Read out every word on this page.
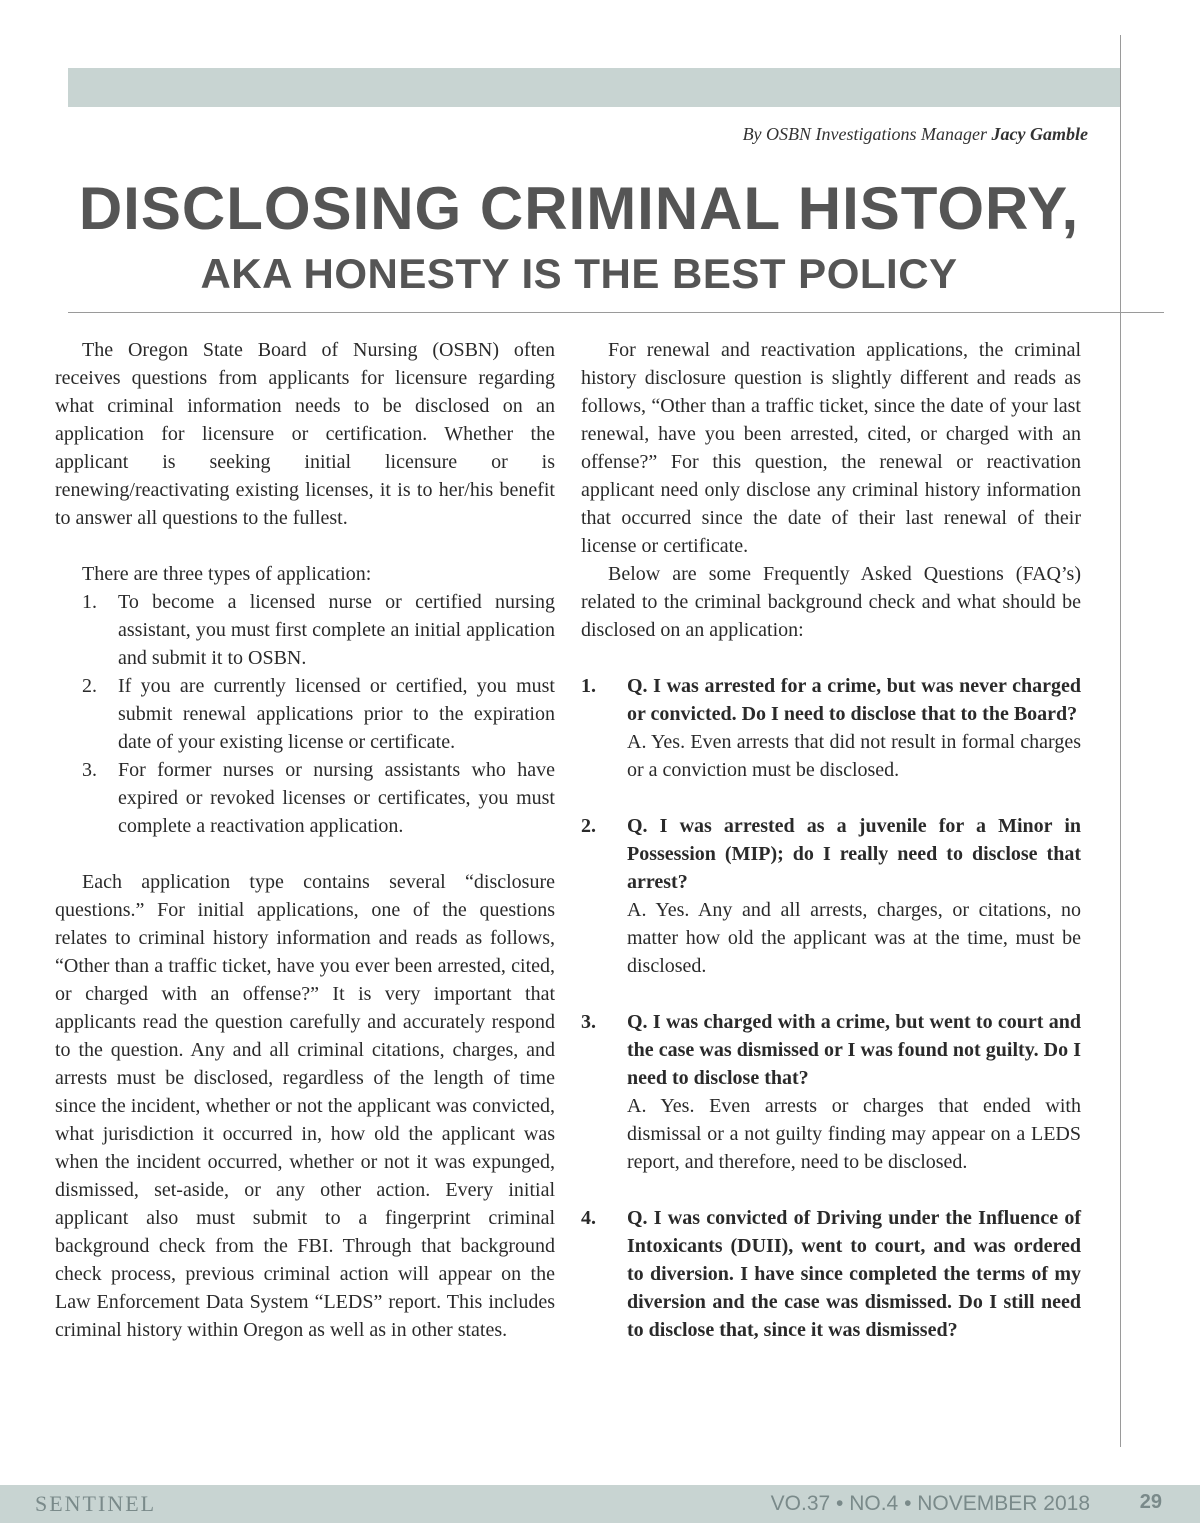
By OSBN Investigations Manager Jacy Gamble
DISCLOSING CRIMINAL HISTORY,
AKA HONESTY IS THE BEST POLICY

The Oregon State Board of Nursing (OSBN) often receives questions from applicants for licensure regarding what criminal information needs to be disclosed on an application for licensure or certification. Whether the applicant is seeking initial licensure or is renewing/reactivating existing licenses, it is to her/his benefit to answer all questions to the fullest.

There are three types of application:

1. To become a licensed nurse or certified nursing assistant, you must first complete an initial application and submit it to OSBN.
2. If you are currently licensed or certified, you must submit renewal applications prior to the expiration date of your existing license or certificate.
3. For former nurses or nursing assistants who have expired or revoked licenses or certificates, you must complete a reactivation application.

Each application type contains several “disclosure questions.” For initial applications, one of the questions relates to criminal history information and reads as follows, “Other than a traffic ticket, have you ever been arrested, cited, or charged with an offense?” It is very important that applicants read the question carefully and accurately respond to the question. Any and all criminal citations, charges, and arrests must be disclosed, regardless of the length of time since the incident, whether or not the applicant was convicted, what jurisdiction it occurred in, how old the applicant was when the incident occurred, whether or not it was expunged, dismissed, set-aside, or any other action. Every initial applicant also must submit to a fingerprint criminal background check from the FBI. Through that background check process, previous criminal action will appear on the Law Enforcement Data System “LEDS” report. This includes criminal history within Oregon as well as in other states.

For renewal and reactivation applications, the criminal history disclosure question is slightly different and reads as follows, “Other than a traffic ticket, since the date of your last renewal, have you been arrested, cited, or charged with an offense?” For this question, the renewal or reactivation applicant need only disclose any criminal history information that occurred since the date of their last renewal of their license or certificate.

Below are some Frequently Asked Questions (FAQ’s) related to the criminal background check and what should be disclosed on an application:

1. Q. I was arrested for a crime, but was never charged or convicted. Do I need to disclose that to the Board?
A. Yes. Even arrests that did not result in formal charges or a conviction must be disclosed.
2. Q. I was arrested as a juvenile for a Minor in Possession (MIP); do I really need to disclose that arrest?
A. Yes. Any and all arrests, charges, or citations, no matter how old the applicant was at the time, must be disclosed.
3. Q. I was charged with a crime, but went to court and the case was dismissed or I was found not guilty. Do I need to disclose that?
A. Yes. Even arrests or charges that ended with dismissal or a not guilty finding may appear on a LEDS report, and therefore, need to be disclosed.
4. Q. I was convicted of Driving under the Influence of Intoxicants (DUII), went to court, and was ordered to diversion. I have since completed the terms of my diversion and the case was dismissed. Do I still need to disclose that, since it was dismissed?
SENTINEL	VO.37 • NO.4 • NOVEMBER 2018 29
